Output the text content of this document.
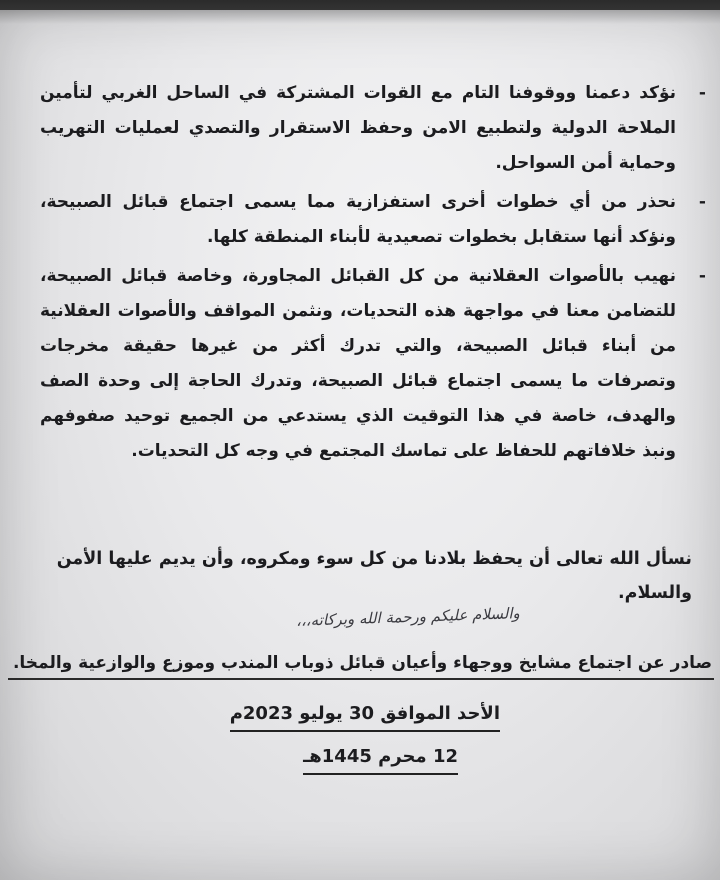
-
نؤكد دعمنا ووقوفنا التام مع القوات المشتركة في الساحل الغربي لتأمين الملاحة الدولية ولتطبيع الامن وحفظ الاستقرار والتصدي لعمليات التهريب وحماية أمن السواحل.
-
نحذر من أي خطوات أخرى استفزازية مما يسمى اجتماع قبائل الصبيحة، ونؤكد أنها ستقابل بخطوات تصعيدية لأبناء المنطقة كلها.
-
نهيب بالأصوات العقلانية من كل القبائل المجاورة، وخاصة قبائل الصبيحة، للتضامن معنا في مواجهة هذه التحديات، ونثمن المواقف والأصوات العقلانية من أبناء قبائل الصبيحة، والتي تدرك أكثر من غيرها حقيقة مخرجات وتصرفات ما يسمى اجتماع قبائل الصبيحة، وتدرك الحاجة إلى وحدة الصف والهدف، خاصة في هذا التوقيت الذي يستدعي من الجميع توحيد صفوفهم ونبذ خلافاتهم للحفاظ على تماسك المجتمع في وجه كل التحديات.
نسأل الله تعالى أن يحفظ بلادنا من كل سوء ومكروه، وأن يديم عليها الأمن والسلام.
والسلام عليكم ورحمة الله وبركاته،،،
صادر عن اجتماع مشايخ ووجهاء وأعيان قبائل ذوباب المندب وموزع والوازعية والمخا.
الأحد الموافق 30 يوليو 2023م
12 محرم 1445هـ
